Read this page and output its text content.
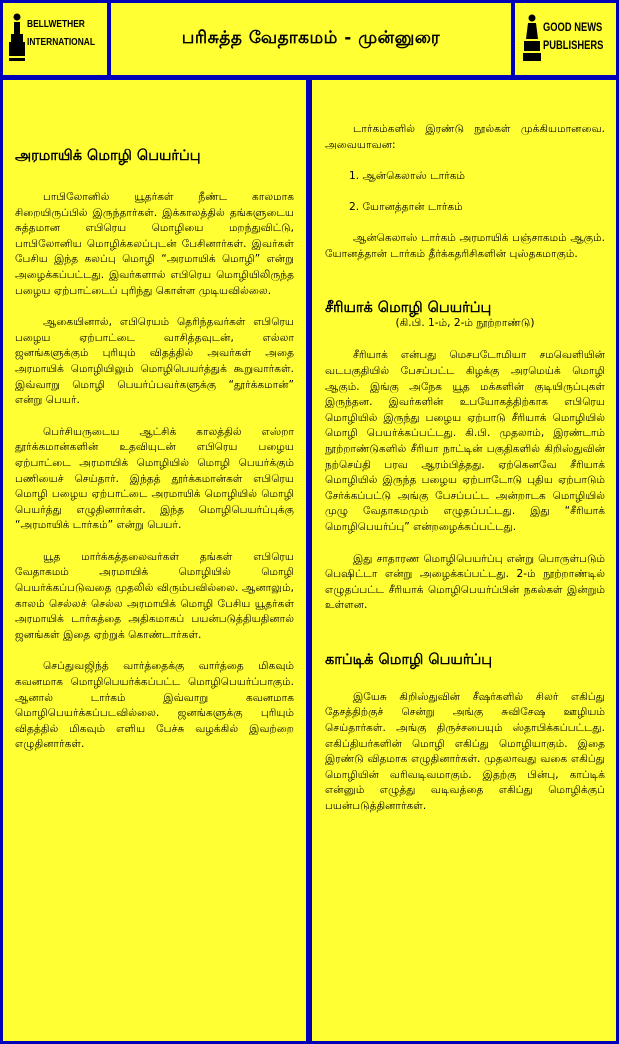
BELLWETHER
INTERNATIONAL	பரிசுத்த வேதாகமம் - முன்னுரை
GOOD NEWS
PUBLISHERS
அரமாயிக் மொழி பெயர்ப்பு

பாபிலோனில் யூதர்கள் நீண்ட காலமாக சிறையிருப்பில் இருந்தார்கள். இக்காலத்தில் தங்களுடைய சுத்தமான எபிரெய மொழியை மறந்துவிட்டு, பாபிலோனிய மொழிக்கலப்புடன் பேசினார்கள். இவர்கள் பேசிய இந்த கலப்பு மொழி “அரமாயிக் மொழி” என்று அழைக்கப்பட்டது. இவர்களால் எபிரெய மொழியிலிருந்த பழைய ஏற்பாட்டைப் புரிந்து கொள்ள முடியவில்லை.

ஆகையினால், எபிரெயம் தெரிந்தவர்கள் எபிரெய பழைய ஏற்பாட்டை வாசித்தவுடன், எல்லா ஜனங்களுக்கும் புரியும் விதத்தில் அவர்கள் அதை அரமாயிக் மொழியிலும் மொழிபெயர்த்துக் கூறுவார்கள். இவ்வாறு மொழி பெயர்ப்பவர்களுக்கு “தூர்க்கமான்” என்று பெயர்.

பெர்சியருடைய ஆட்சிக் காலத்தில் எஸ்றா தூர்க்கமான்களின் உதவியுடன் எபிரெய பழைய ஏற்பாட்டை அரமாயிக் மொழியில் மொழி பெயர்க்கும் பணியைச் செய்தார். இந்தத் தூர்க்கமான்கள் எபிரெய மொழி பழைய ஏற்பாட்டை அரமாயிக் மொழியில் மொழி பெயர்த்து எழுதினார்கள். இந்த மொழிபெயர்ப்புக்கு “அரமாயிக் டார்கம்” என்று பெயர்.

யூத மார்க்கத்தலைவர்கள் தங்கள் எபிரெய வேதாகமம் அரமாயிக் மொழியில் மொழி பெயர்க்கப்படுவதை முதலில் விரும்பவில்லை. ஆனாலும், காலம் செல்லச் செல்ல அரமாயிக் மொழி பேசிய யூதர்கள் அரமாயிக் டார்கத்தை அதிகமாகப் பயன்படுத்தியதினால் ஜனங்கள் இதை ஏற்றுக் கொண்டார்கள்.

செப்துவஜிந்த் வார்த்தைக்கு வார்த்தை மிகவும் கவனமாக மொழிபெயர்க்கப்பட்ட மொழிபெயர்ப்பாகும். ஆனால் டார்கம் இவ்வாறு கவனமாக மொழிபெயர்க்கப்படவில்லை. ஜனங்களுக்கு புரியும் விதத்தில் மிகவும் எளிய பேச்சு வழக்கில் இவற்றை எழுதினார்கள்.

டார்கம்களில் இரண்டு நூல்கள் முக்கியமானவை. அவையாவன:

1. ஆன்கெலாஸ் டார்கம்
2. யோனத்தான் டார்கம்

ஆன்கெலாஸ் டார்கம் அரமாயிக் பஞ்சாகமம் ஆகும். யோனத்தான் டார்கம் தீர்க்கதரிசிகளின் புஸ்தகமாகும்.

சீரியாக் மொழி பெயர்ப்பு
(கி.பி. 1-ம், 2-ம் நூற்றாண்டு)

சீரியாக் என்பது மெசபடோமியா சமவெளியின் வடபகுதியில் பேசப்பட்ட கிழக்கு அரமெய்க் மொழி ஆகும். இங்கு அநேக யூத மக்களின் குடியிருப்புகள் இருந்தன. இவர்களின் உபயோகத்திற்காக எபிரெய மொழியில் இருந்து பழைய ஏற்பாடு சீரியாக் மொழியில் மொழி பெயர்க்கப்பட்டது. கி.பி. முதலாம், இரண்டாம் நூற்றாண்டுகளில் சீரியா நாட்டின் பகுதிகளில் கிறிஸ்துவின் நற்செய்தி பரவ ஆரம்பித்தது. ஏற்கெனவே சீரியாக் மொழியில் இருந்த பழைய ஏற்பாடோடு புதிய ஏற்பாடும் சேர்க்கப்பட்டு அங்கு பேசப்பட்ட அன்றாடக மொழியில் முழு வேதாகமமும் எழுதப்பட்டது. இது “சீரியாக் மொழிபெயர்ப்பு” என்றழைக்கப்பட்டது.

இது சாதாரண மொழிபெயர்ப்பு என்று பொருள்படும் பெஷிட்டா என்று அழைக்கப்பட்டது. 2-ம் நூற்றாண்டில் எழுதப்பட்ட சீரியாக் மொழிபெயர்ப்பின் நகல்கள் இன்றும் உள்ளன.

காப்டிக் மொழி பெயர்ப்பு

இயேசு கிறிஸ்துவின் சீஷர்களில் சிலர் எகிப்து தேசத்திற்குச் சென்று அங்கு சுவிசேஷ ஊழியம் செய்தார்கள். அங்கு திருச்சபையும் ஸ்தாபிக்கப்பட்டது. எகிப்தியர்களின் மொழி எகிப்து மொழியாகும். இதை இரண்டு விதமாக எழுதினார்கள். முதலாவது வகை எகிப்து மொழியின் வரிவடிவமாகும். இதற்கு பின்பு, காப்டிக் என்னும் எழுத்து வடிவத்தை எகிப்து மொழிக்குப் பயன்படுத்தினார்கள்.
